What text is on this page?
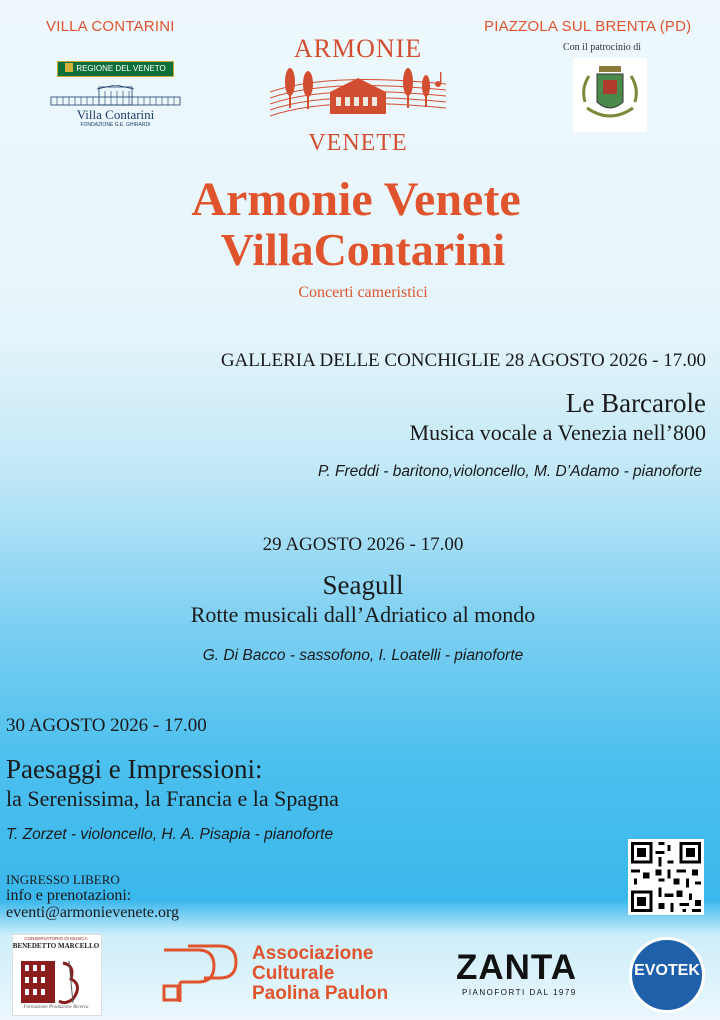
VILLA CONTARINI	PIAZZOLA SUL BRENTA (PD)
Con il patrocinio di
REGIONE DEL VENETO
Villa Contarini
FONDAZIONE G.E. GHIRARDI
ARMONIE
VENETE
Armonie Venete
VillaContarini
Concerti cameristici
GALLERIA DELLE CONCHIGLIE 28 AGOSTO 2026 - 17.00
Le Barcarole
Musica vocale a Venezia nell’800
P. Freddi - baritono,violoncello, M. D’Adamo - pianoforte
29 AGOSTO 2026 - 17.00
Seagull
Rotte musicali dall’Adriatico al mondo
G. Di Bacco - sassofono, I. Loatelli - pianoforte
30 AGOSTO 2026 - 17.00
Paesaggi e Impressioni:
la Serenissima, la Francia e la Spagna
T. Zorzet - violoncello, H. A. Pisapia - pianoforte
INGRESSO LIBERO
info e prenotazioni:
eventi@armonievenete.org
CONSERVATORIO DI MUSICA
BENEDETTO MARCELLO
Formazione Produzione Ricerca
Associazione
Culturale
Paolina Paulon
ZANTA
PIANOFORTI DAL 1979
EVOTEK
